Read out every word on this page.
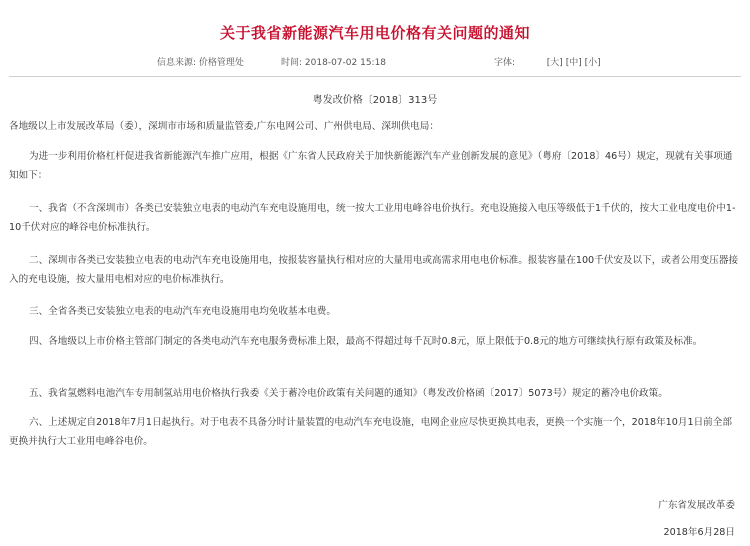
关于我省新能源汽车用电价格有关问题的通知
信息来源: 价格管理处	时间: 2018-07-02 15:18	字体:	[大] [中] [小]
粤发改价格〔2018〕313号
各地级以上市发展改革局（委），深圳市市场和质量监管委,广东电网公司、广州供电局、深圳供电局：
为进一步利用价格杠杆促进我省新能源汽车推广应用，根据《广东省人民政府关于加快新能源汽车产业创新发展的意见》（粤府〔2018〕46号）规定，现就有关事项通知如下：
一、我省（不含深圳市）各类已安装独立电表的电动汽车充电设施用电，统一按大工业用电峰谷电价执行。充电设施接入电压等级低于1千伏的，按大工业电度电价中1-10千伏对应的峰谷电价标准执行。
二、深圳市各类已安装独立电表的电动汽车充电设施用电，按报装容量执行相对应的大量用电或高需求用电电价标准。报装容量在100千伏安及以下，或者公用变压器接入的充电设施，按大量用电相对应的电价标准执行。
三、全省各类已安装独立电表的电动汽车充电设施用电均免收基本电费。
四、各地级以上市价格主管部门制定的各类电动汽车充电服务费标准上限，最高不得超过每千瓦时0.8元，原上限低于0.8元的地方可继续执行原有政策及标准。
五、我省氢燃料电池汽车专用制氢站用电价格执行我委《关于蓄冷电价政策有关问题的通知》（粤发改价格函〔2017〕5073号）规定的蓄冷电价政策。
六、上述规定自2018年7月1日起执行。对于电表不具备分时计量装置的电动汽车充电设施，电网企业应尽快更换其电表，更换一个实施一个，2018年10月1日前全部更换并执行大工业用电峰谷电价。
广东省发展改革委
2018年6月28日
